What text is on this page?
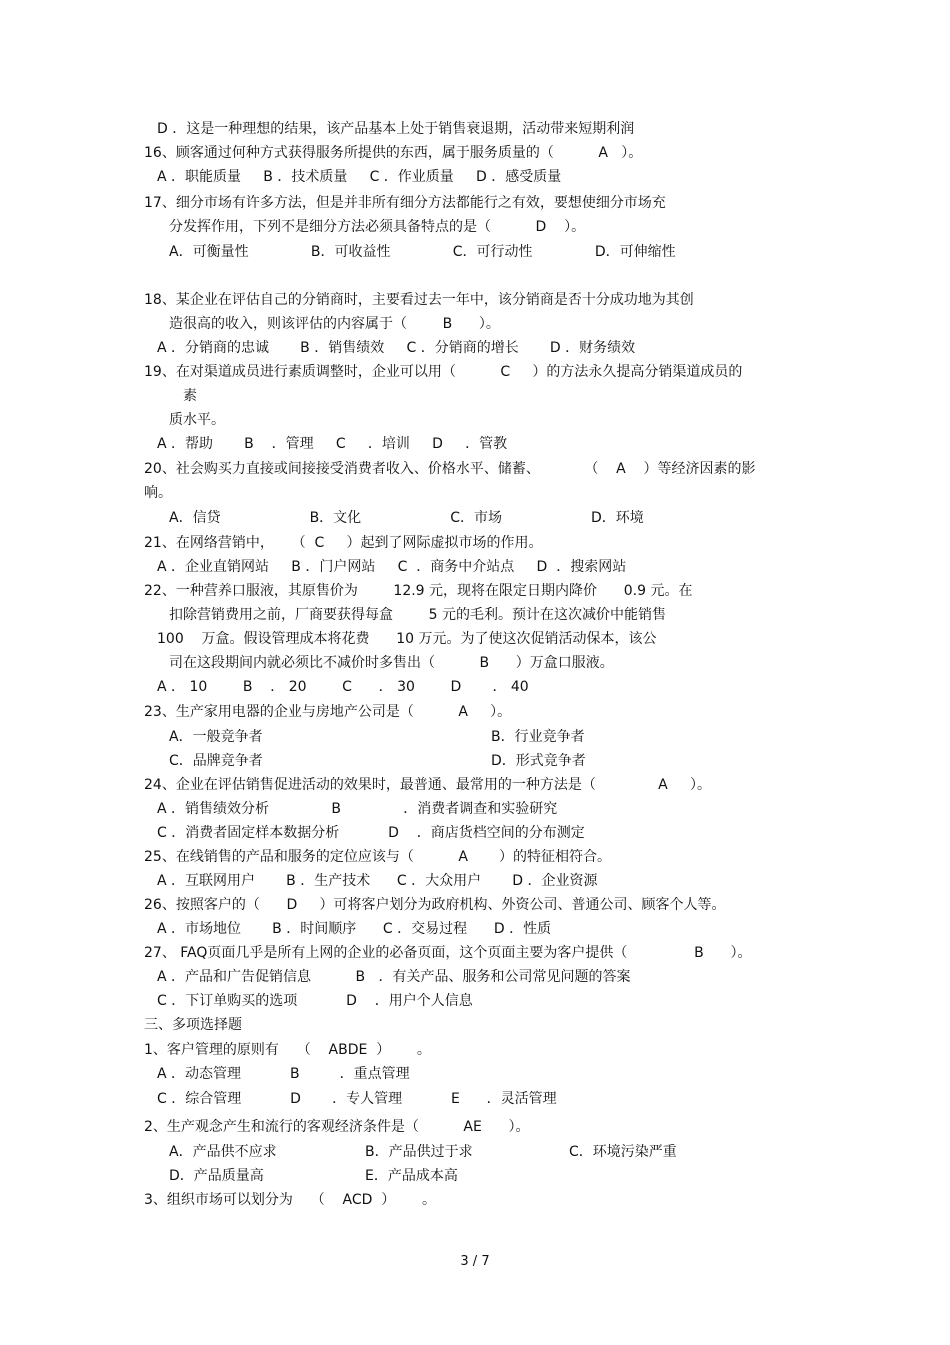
D ．这是一种理想的结果，该产品基本上处于销售衰退期，活动带来短期利润
16、顾客通过何种方式获得服务所提供的东西，属于服务质量的（          A   ）。
A ．职能质量     B ．技术质量     C ．作业质量     D ．感受质量
17、细分市场有许多方法，但是并非所有细分方法都能行之有效，要想使细分市场充
分发挥作用，下列不是细分方法必须具备特点的是（          D    ）。
A．可衡量性              B．可收益性              C．可行动性              D．可伸缩性
18、某企业在评估自己的分销商时，主要看过去一年中，该分销商是否十分成功地为其创
造很高的收入，则该评估的内容属于（        B      ）。
A ．分销商的忠诚       B ．销售绩效     C ．分销商的增长       D ．财务绩效
19、在对渠道成员进行素质调整时，企业可以用（          C     ）的方法永久提高分销渠道成员的
素
质水平。
A ．帮助       B    ．管理     C     ．培训     D     ．管教
20、社会购买力直接或间接接受消费者收入、价格水平、储蓄、          （    A    ）等经济因素的影
响。
A．信贷                    B．文化                    C．市场                    D．环境
21、在网络营销中，    （  C     ）起到了网际虚拟市场的作用。
A ．企业直销网站     B ．门户网站     C  ．商务中介站点     D  ．搜索网站
22、一种营养口服液，其原售价为        12.9 元，现将在限定日期内降价      0.9 元。在
扣除营销费用之前，厂商要获得每盒        5 元的毛利。预计在这次减价中能销售
100    万盒。假设管理成本将花费      10 万元。为了使这次促销活动保本，该公
司在这段期间内就必须比不减价时多售出（          B      ）万盒口服液。
A ． 10        B    ． 20        C      ． 30        D       ． 40
23、生产家用电器的企业与房地产公司是（          A     ）。
A．一般竞争者	B．行业竞争者
C．品牌竞争者	D．形式竞争者
24、企业在评估销售促进活动的效果时，最普通、最常用的一种方法是（              A     ）。
A ．销售绩效分析              B              ．消费者调查和实验研究
C ．消费者固定样本数据分析           D    ．商店货档空间的分布测定
25、在线销售的产品和服务的定位应该与（          A       ）的特征相符合。
A ．互联网用户       B ．生产技术      C ．大众用户       D ．企业资源
26、按照客户的（      D     ）可将客户划分为政府机构、外资公司、普通公司、顾客个人等。
A ．市场地位       B ．时间顺序      C ．交易过程      D ．性质
27、 FAQ页面几乎是所有上网的企业的必备页面，这个页面主要为客户提供（               B      ）。
A ．产品和广告促销信息          B   ．有关产品、服务和公司常见问题的答案
C ．下订单购买的选项           D    ．用户个人信息
三、多项选择题
1、客户管理的原则有    （    ABDE  ）      。
A ．动态管理           B         ．重点管理
C ．综合管理           D       ．专人管理           E      ．灵活管理
2、生产观念产生和流行的客观经济条件是（          AE      ）。
A．产品供不应求	B．产品供过于求	C．环境污染严重
D．产品质量高	E．产品成本高
3、组织市场可以划分为    （    ACD  ）      。
3 / 7
